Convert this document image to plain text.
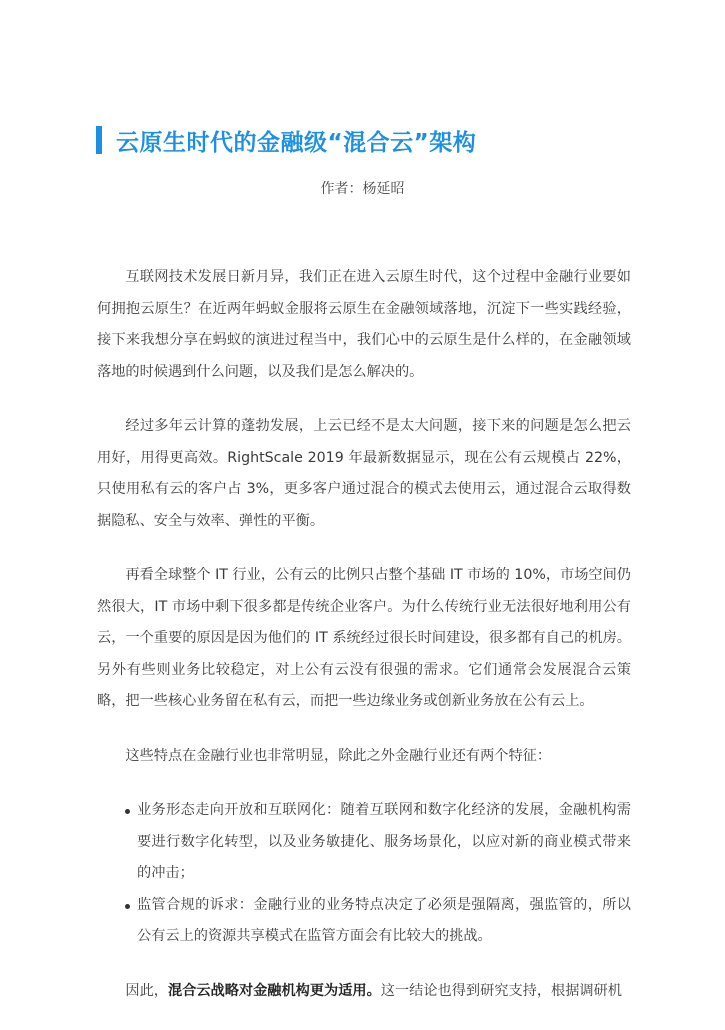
云原生时代的金融级“混合云”架构
作者：杨延昭

互联网技术发展日新月异，我们正在进入云原生时代，这个过程中金融行业要如何拥抱云原生？在近两年蚂蚁金服将云原生在金融领域落地，沉淀下一些实践经验，接下来我想分享在蚂蚁的演进过程当中，我们心中的云原生是什么样的，在金融领域落地的时候遇到什么问题，以及我们是怎么解决的。

经过多年云计算的蓬勃发展，上云已经不是太大问题，接下来的问题是怎么把云用好，用得更高效。RightScale 2019 年最新数据显示，现在公有云规模占 22%，只使用私有云的客户占 3%，更多客户通过混合的模式去使用云，通过混合云取得数据隐私、安全与效率、弹性的平衡。

再看全球整个 IT 行业，公有云的比例只占整个基础 IT 市场的 10%，市场空间仍然很大，IT 市场中剩下很多都是传统企业客户。为什么传统行业无法很好地利用公有云，一个重要的原因是因为他们的 IT 系统经过很长时间建设，很多都有自己的机房。另外有些则业务比较稳定，对上公有云没有很强的需求。它们通常会发展混合云策略，把一些核心业务留在私有云，而把一些边缘业务或创新业务放在公有云上。

这些特点在金融行业也非常明显，除此之外金融行业还有两个特征：

业务形态走向开放和互联网化：随着互联网和数字化经济的发展，金融机构需要进行数字化转型，以及业务敏捷化、服务场景化，以应对新的商业模式带来的冲击；
监管合规的诉求：金融行业的业务特点决定了必须是强隔离，强监管的，所以公有云上的资源共享模式在监管方面会有比较大的挑战。

因此，混合云战略对金融机构更为适用。这一结论也得到研究支持，根据调研机
